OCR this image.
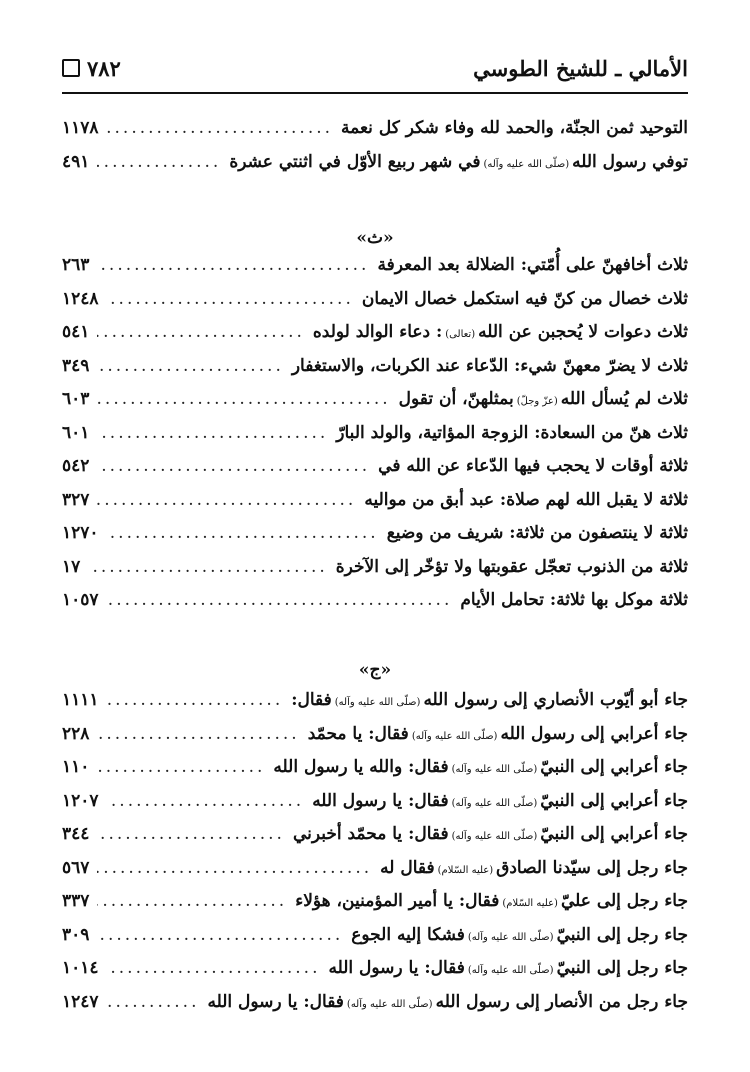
الأمالي ـ للشيخ الطوسي
٧٨٢
التوحيد ثمن الجنّة، والحمد لله وفاء شكر كل نعمة
.....
١١٧٨
توفي رسول الله
(صلّى الله عليه وآله)
في شهر ربيع الأوّل في اثنتي عشرة
.....
٤٩١
«ث»
ثلاث أخافهنّ على أُمّتي: الضلالة بعد المعرفة
.....
٢٦٣
ثلاث خصال من كنّ فيه استكمل خصال الايمان
.....
١٢٤٨
ثلاث دعوات لا يُحجبن عن الله
(تعالى)
: دعاء الوالد لولده
.....
٥٤١
ثلاث لا يضرّ معهنّ شيء: الدّعاء عند الكربات، والاستغفار
.....
٣٤٩
ثلاث لم يُسأل الله
(عزّ وجلّ)
بمثلهنّ، أن تقول
.....
٦٠٣
ثلاث هنّ من السعادة: الزوجة المؤاتية، والولد البارّ
.....
٦٠١
ثلاثة أوقات لا يحجب فيها الدّعاء عن الله في
.....
٥٤٢
ثلاثة لا يقبل الله لهم صلاة: عبد أبق من مواليه
.....
٣٢٧
ثلاثة لا ينتصفون من ثلاثة: شريف من وضيع
.....
١٢٧٠
ثلاثة من الذنوب تعجّل عقوبتها ولا تؤخّر إلى الآخرة
.....
١٧
ثلاثة موكل بها ثلاثة: تحامل الأيام
.....
١٠٥٧
«ج»
جاء أبو أيّوب الأنصاري إلى رسول الله
(صلّى الله عليه وآله)
فقال:
.....
١١١١
جاء أعرابي إلى رسول الله
(صلّى الله عليه وآله)
فقال: يا محمّد
.....
٢٢٨
جاء أعرابي إلى النبيّ
(صلّى الله عليه وآله)
فقال: والله يا رسول الله
.....
١١٠
جاء أعرابي إلى النبيّ
(صلّى الله عليه وآله)
فقال: يا رسول الله
.....
١٢٠٧
جاء أعرابي إلى النبيّ
(صلّى الله عليه وآله)
فقال: يا محمّد أخبرني
.....
٣٤٤
جاء رجل إلى سيّدنا الصادق
(عليه السّلام)
فقال له
.....
٥٦٧
جاء رجل إلى عليّ
(عليه السّلام)
فقال: يا أمير المؤمنين، هؤلاء
.....
٣٣٧
جاء رجل إلى النبيّ
(صلّى الله عليه وآله)
فشكا إليه الجوع
.....
٣٠٩
جاء رجل إلى النبيّ
(صلّى الله عليه وآله)
فقال: يا رسول الله
.....
١٠١٤
جاء رجل من الأنصار إلى رسول الله
(صلّى الله عليه وآله)
فقال: يا رسول الله
.....
١٢٤٧
